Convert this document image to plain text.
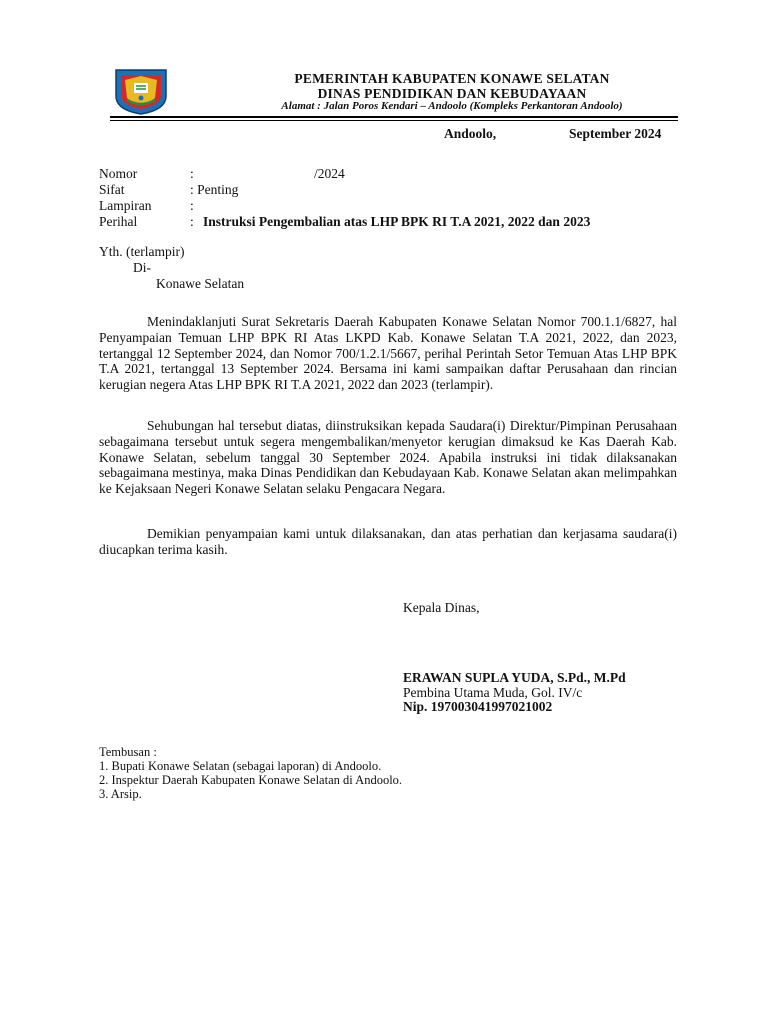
PEMERINTAH KABUPATEN KONAWE SELATAN
DINAS PENDIDIKAN DAN KEBUDAYAAN
Alamat : Jalan Poros Kendari – Andoolo (Kompleks Perkantoran Andoolo)
Andoolo,	September 2024
Nomor	:	/2024
Sifat	: Penting
Lampiran	:
Perihal	: Instruksi Pengembalian atas LHP BPK RI T.A 2021, 2022 dan 2023
Yth. (terlampir)
Di-
Konawe Selatan

Menindaklanjuti Surat Sekretaris Daerah Kabupaten Konawe Selatan Nomor 700.1.1/6827, hal Penyampaian Temuan LHP BPK RI Atas LKPD Kab. Konawe Selatan T.A 2021, 2022, dan 2023, tertanggal 12 September 2024, dan Nomor 700/1.2.1/5667, perihal Perintah Setor Temuan Atas LHP BPK T.A 2021, tertanggal 13 September 2024. Bersama ini kami sampaikan daftar Perusahaan dan rincian kerugian negera Atas LHP BPK RI T.A 2021, 2022 dan 2023 (terlampir).

Sehubungan hal tersebut diatas, diinstruksikan kepada Saudara(i) Direktur/Pimpinan Perusahaan sebagaimana tersebut untuk segera mengembalikan/menyetor kerugian dimaksud ke Kas Daerah Kab. Konawe Selatan, sebelum tanggal 30 September 2024. Apabila instruksi ini tidak dilaksanakan sebagaimana mestinya, maka Dinas Pendidikan dan Kebudayaan Kab. Konawe Selatan akan melimpahkan ke Kejaksaan Negeri Konawe Selatan selaku Pengacara Negara.

Demikian penyampaian kami untuk dilaksanakan, dan atas perhatian dan kerjasama saudara(i) diucapkan terima kasih.

Kepala Dinas,
ERAWAN SUPLA YUDA, S.Pd., M.Pd
Pembina Utama Muda, Gol. IV/c
Nip. 197003041997021002
Tembusan :
1. Bupati Konawe Selatan (sebagai laporan) di Andoolo.
2. Inspektur Daerah Kabupaten Konawe Selatan di Andoolo.
3. Arsip.
